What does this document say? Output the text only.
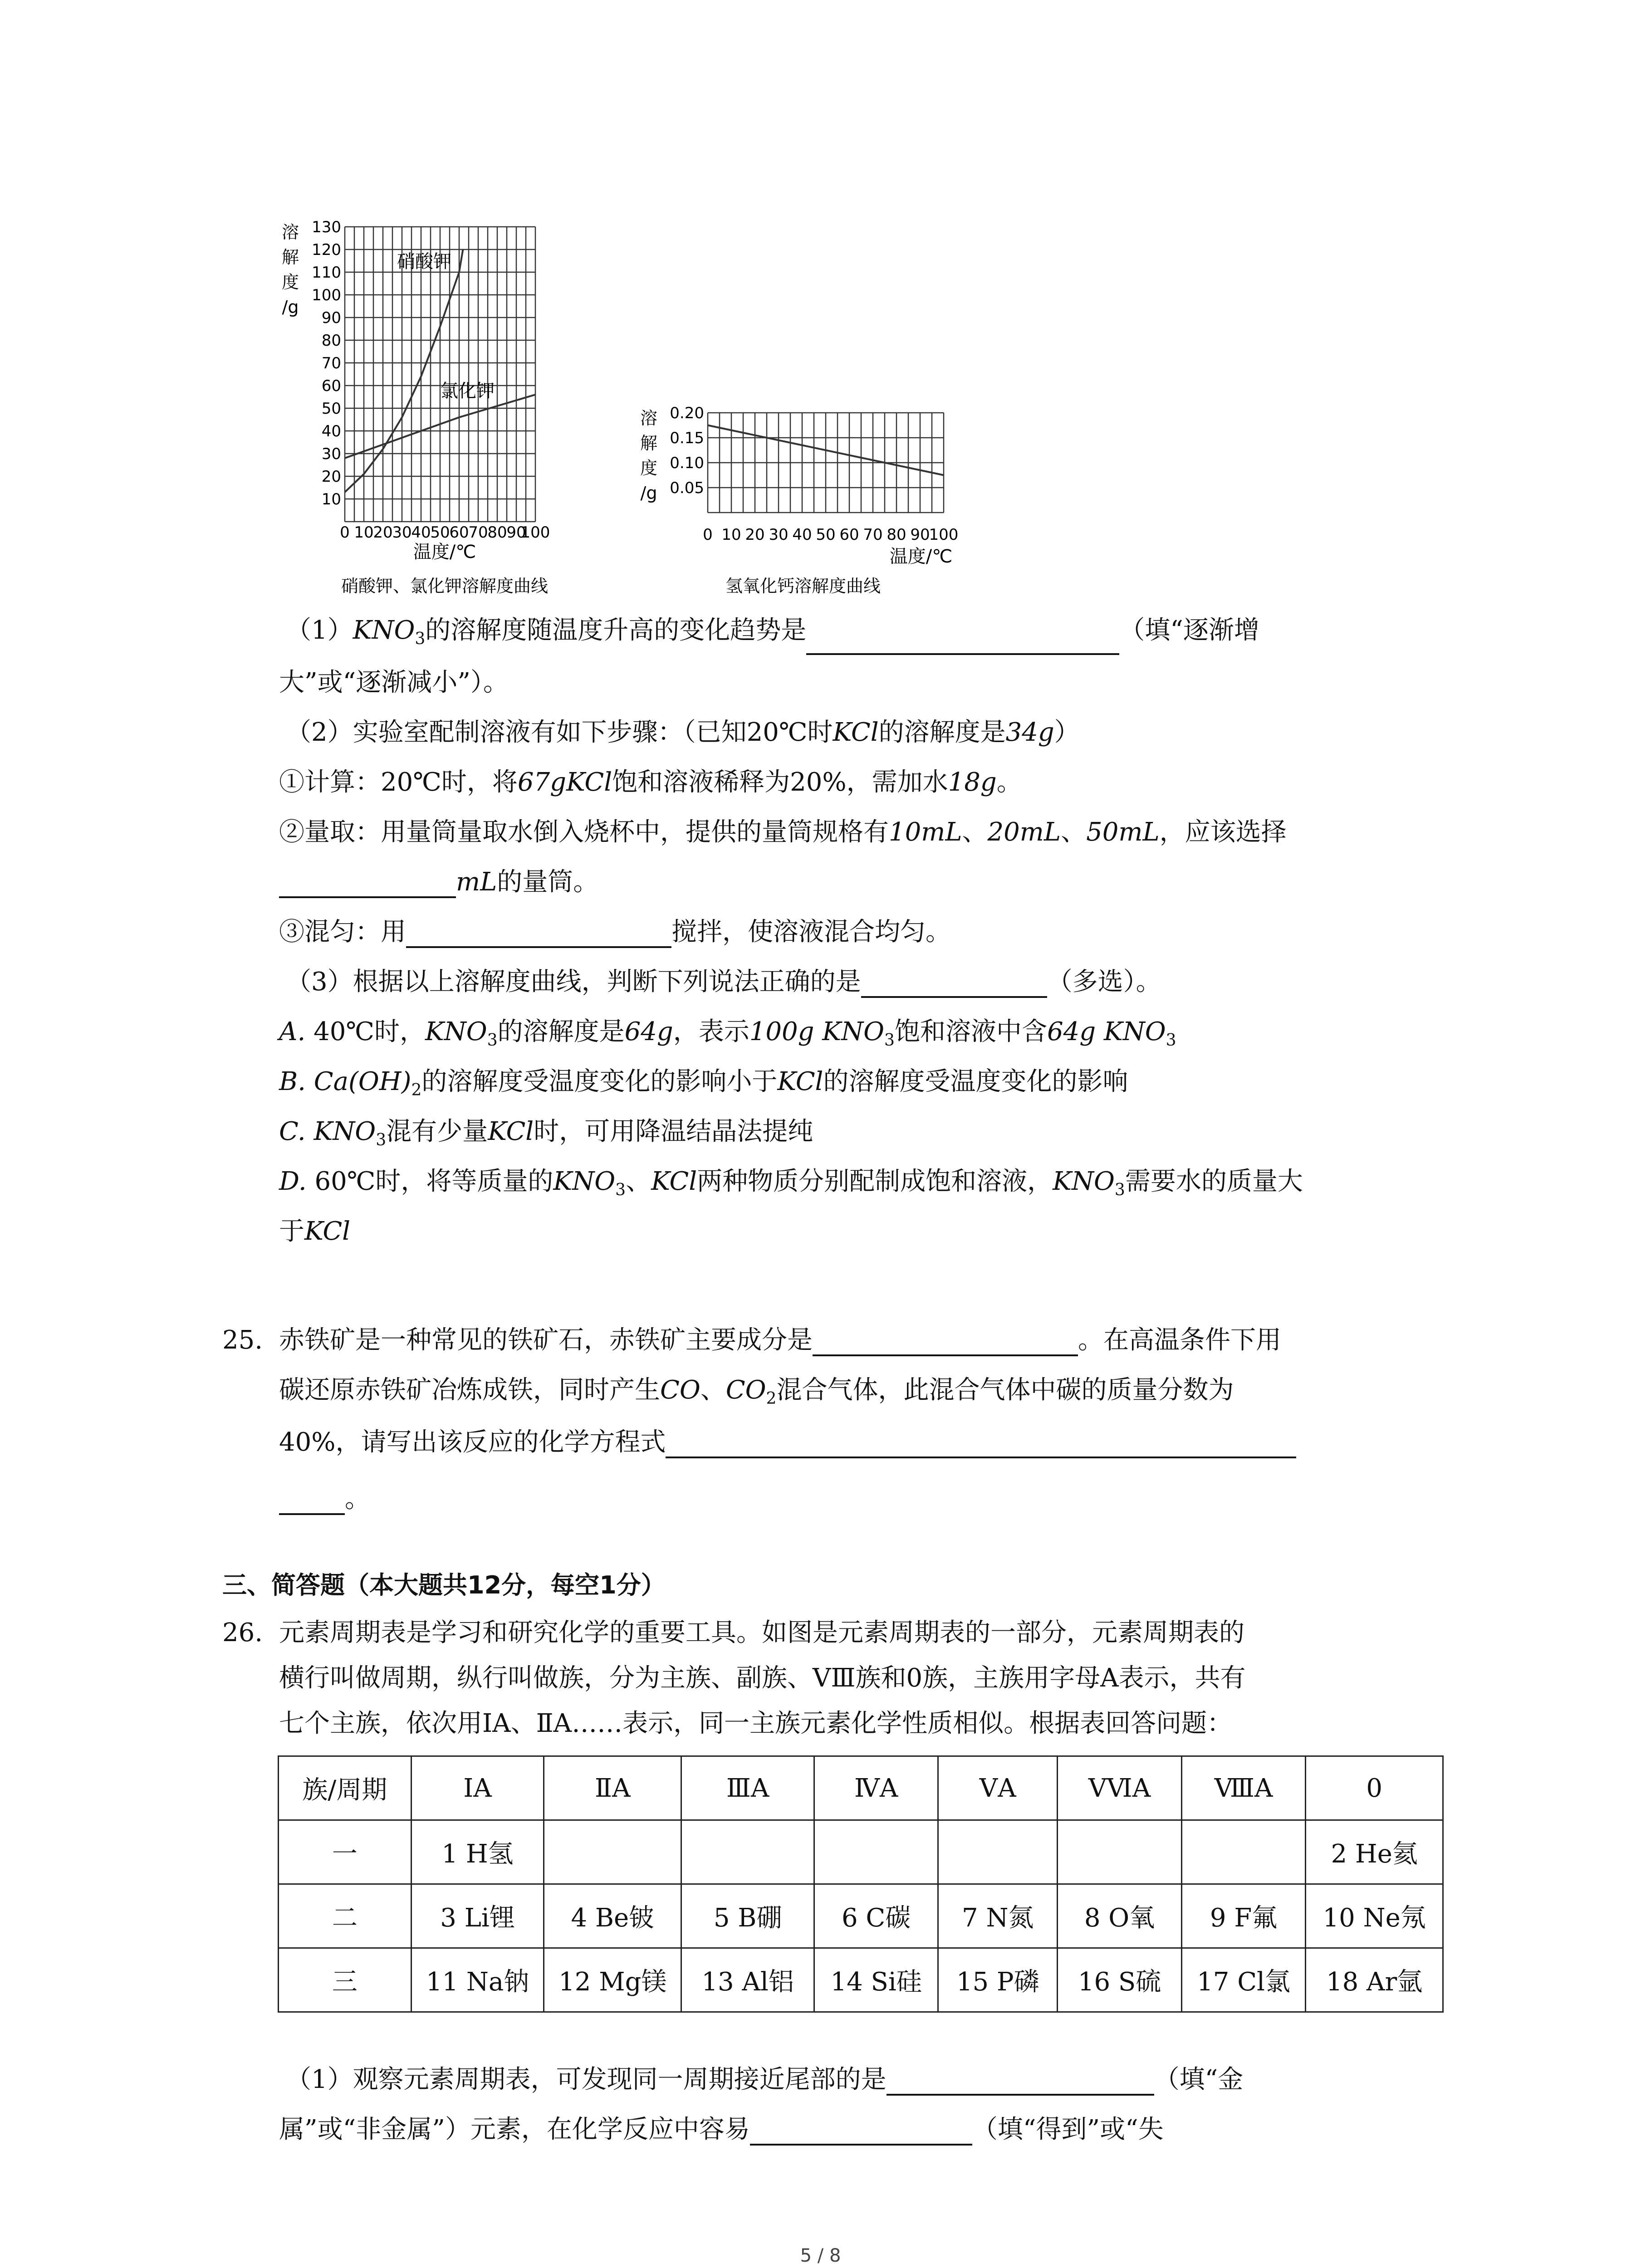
10
20
30
40
50
60
70
80
90
100
110
120
130
0 10
20
30
40
50
60
70
80
90
100
溶
解
度
/g
温度/℃
硝酸钾
氯化钾
硝酸钾、氯化钾溶解度曲线
0.05
0.10
0.15
0.20
0 10 20 30 40 50 60 70 80 90
100
溶
解
度
/g
温度/℃
氢氧化钙溶解度曲线
$(1)KNO_3$的溶解度随温度升高的变化趋势是	（填“逐渐增
大”或“逐渐减小”）。
（2）实验室配制溶液有如下步骤：（已知20℃时KCl的溶解度是34g）
①计算：20℃时，将67gKCl饱和溶液稀释为20%，需加水18g。
②量取：用量筒量取水倒入烧杯中，提供的量筒规格有10mL、20mL、50mL，应该选择
mL的量筒。
③混匀：用	搅拌，使溶液混合均匀。
（3）根据以上溶解度曲线，判断下列说法正确的是	（多选）。
A. 40℃时，$KNO_3$的溶解度是64g，表示100g $KNO_3$饱和溶液中含64g $KNO_3$
B. $Ca(OH)_2$的溶解度受温度变化的影响小于KCl的溶解度受温度变化的影响
C. $KNO_3$混有少量KCl时，可用降温结晶法提纯
D. 60℃时，将等质量的$KNO_3$、KCl两种物质分别配制成饱和溶液，$KNO_3$需要水的质量大
于KCl
25. 赤铁矿是一种常见的铁矿石，赤铁矿主要成分是	。在高温条件下用
碳还原赤铁矿冶炼成铁，同时产生CO、$CO_2$混合气体，此混合气体中碳的质量分数为
40%，请写出该反应的化学方程式
。
三、简答题（本大题共12分，每空1分）
26. 元素周期表是学习和研究化学的重要工具。如图是元素周期表的一部分，元素周期表的
横行叫做周期，纵行叫做族，分为主族、副族、ⅤⅢ族和0族，主族用字母A表示，共有
七个主族，依次用ⅠA、ⅡA……表示，同一主族元素化学性质相似。根据表回答问题：
族/周期	ⅠA	ⅡA	ⅢA	ⅣA	ⅤA	ⅤⅥA	ⅧA	0
一	1 H氢							2 He氦
二	3 Li锂	4 Be铍	5 B硼	6 C碳	7 N氮	8 O氧	9 F氟	10 Ne氖
三	11 Na钠	12 Mg镁	13 Al铝	14 Si硅	15 P磷	16 S硫	17 Cl氯	18 Ar氩
（1）观察元素周期表，可发现同一周期接近尾部的是	（填“金
属”或“非金属”）元素，在化学反应中容易	（填“得到”或“失
5 / 8
